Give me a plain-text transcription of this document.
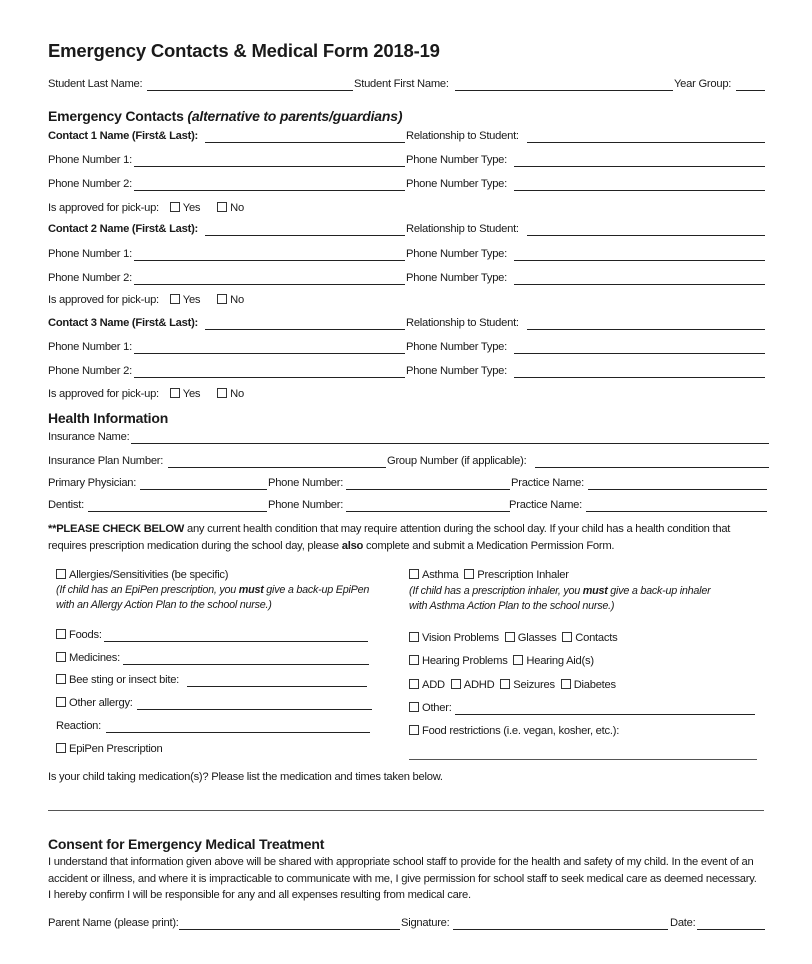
Emergency Contacts & Medical Form 2018-19
Student Last Name:	Student First Name:	Year Group:
Emergency Contacts (alternative to parents/guardians)
Contact 1 Name (First& Last):	Relationship to Student:
Phone Number 1:	Phone Number Type:
Phone Number 2:	Phone Number Type:
Is approved for pick-up: Yes	No
Contact 2 Name (First& Last):	Relationship to Student:
Phone Number 1:	Phone Number Type:
Phone Number 2:	Phone Number Type:
Is approved for pick-up: Yes	No
Contact 3 Name (First& Last):	Relationship to Student:
Phone Number 1:	Phone Number Type:
Phone Number 2:	Phone Number Type:
Is approved for pick-up: Yes	No
Health Information
Insurance Name:
Insurance Plan Number:	Group Number (if applicable):
Primary Physician:	Phone Number:	Practice Name:
Dentist:	Phone Number:	Practice Name:
**PLEASE CHECK BELOW any current health condition that may require attention during the school day. If your child has a health condition that requires prescription medication during the school day, please also complete and submit a Medication Permission Form.
Allergies/Sensitivities (be specific)
(If child has an EpiPen prescription, you must give a back-up EpiPen with an Allergy Action Plan to the school nurse.)
Foods:
Medicines:
Bee sting or insect bite:
Other allergy:
Reaction:
EpiPen Prescription
Asthma Prescription Inhaler
(If child has a prescription inhaler, you must give a back-up inhaler with Asthma Action Plan to the school nurse.)
Vision Problems Glasses Contacts
Hearing Problems Hearing Aid(s)
ADD ADHD Seizures Diabetes
Other:
Food restrictions (i.e. vegan, kosher, etc.):
Is your child taking medication(s)? Please list the medication and times taken below.
Consent for Emergency Medical Treatment
I understand that information given above will be shared with appropriate school staff to provide for the health and safety of my child. In the event of an accident or illness, and where it is impracticable to communicate with me, I give permission for school staff to seek medical care as deemed necessary. I hereby confirm I will be responsible for any and all expenses resulting from medical care.
Parent Name (please print):	Signature:	Date:
